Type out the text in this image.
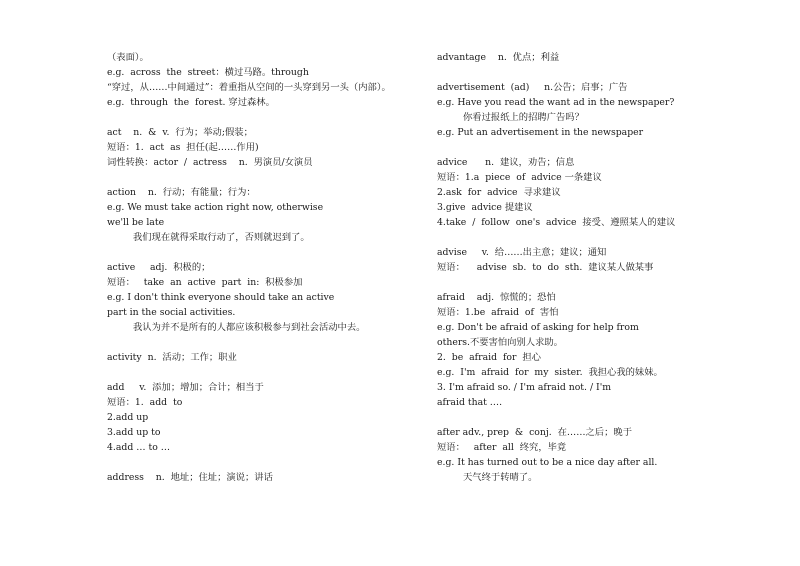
（表面）。
e.g.  across  the  street：横过马路。through
“穿过，从……中间通过”：着重指从空间的一头穿到另一头（内部）。
e.g.  through  the  forest. 穿过森林。
act    n.  &  v.  行为；举动;假装；
短语：1.  act  as  担任(起……作用)
词性转换：actor  /  actress    n.  男演员/女演员
action    n.  行动；有能量；行为：
e.g. We must take action right now, otherwise
we'll be late
我们现在就得采取行动了，否则就迟到了。
active     adj.  积极的；
短语：   take  an  active  part  in:  积极参加
e.g. I don't think everyone should take an active
part in the social activities.
我认为并不是所有的人都应该积极参与到社会活动中去。
activity  n.  活动；工作；职业
add     v.  添加；增加；合计；相当于
短语：1.  add  to
2.add up
3.add up to
4.add … to …
address    n.  地址；住址；演说；讲话
advantage    n.  优点；利益
advertisement  (ad)     n.公告；启事；广告
e.g. Have you read the want ad in the newspaper?
你看过报纸上的招聘广告吗？
e.g. Put an advertisement in the newspaper
advice      n.  建议，劝告；信息
短语：1.a  piece  of  advice 一条建议
2.ask  for  advice  寻求建议
3.give  advice 提建议
4.take  /  follow  one's  advice  接受、遵照某人的建议
advise     v.  给……出主意；建议；通知
短语：    advise  sb.  to  do  sth.  建议某人做某事
afraid    adj.  惊慌的；恐怕
短语：1.be  afraid  of  害怕
e.g. Don't be afraid of asking for help from
others.不要害怕向别人求助。
2.  be  afraid  for  担心
e.g.  I'm  afraid  for  my  sister.  我担心我的妹妹。
3. I'm afraid so. / I'm afraid not. / I'm
afraid that ….
after adv., prep  &  conj.  在……之后；晚于
短语：   after  all  终究，毕竟
e.g. It has turned out to be a nice day after all.
天气终于转晴了。
